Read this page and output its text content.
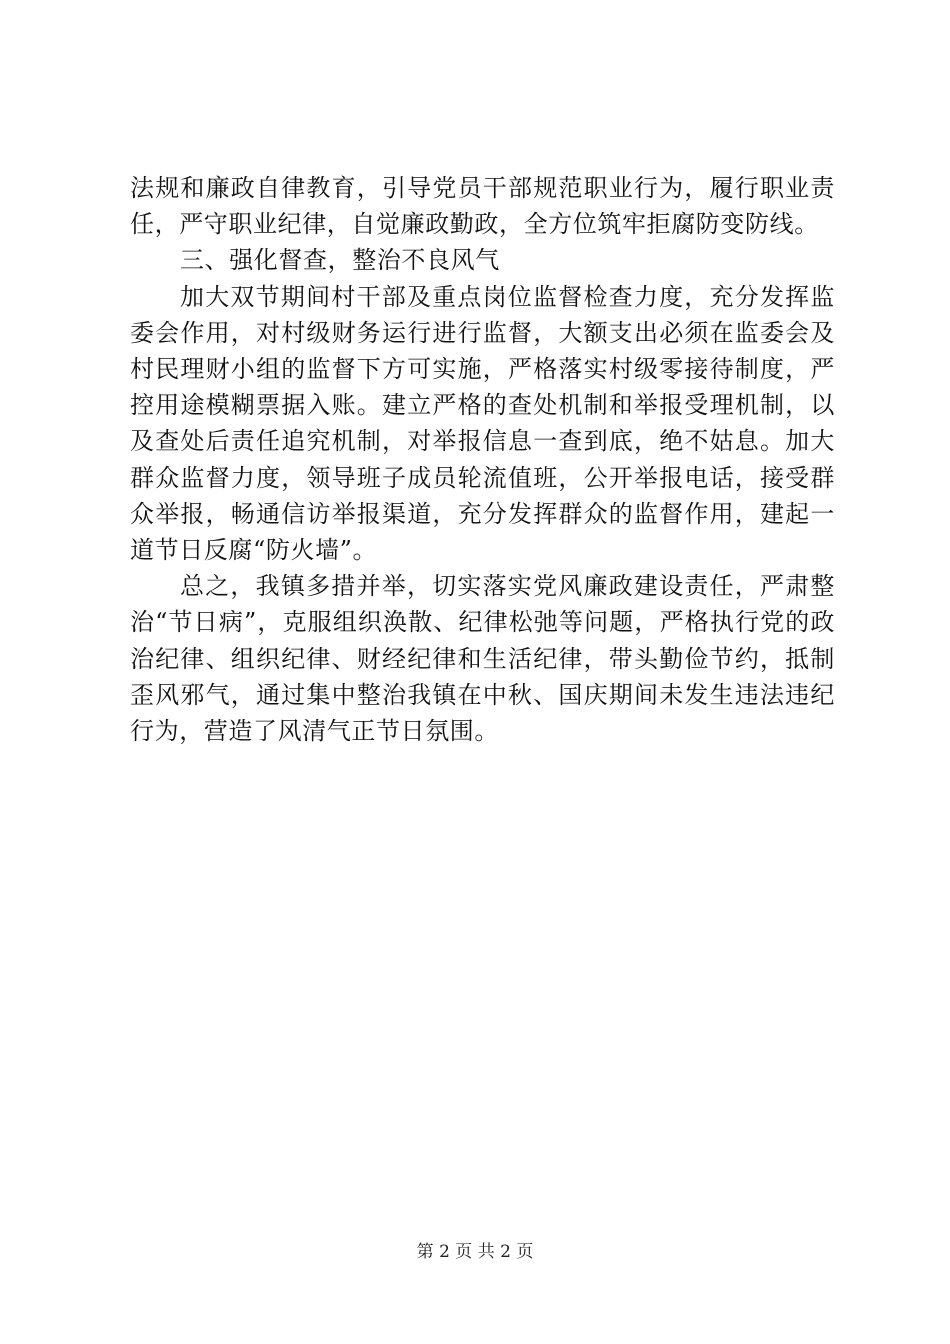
法规和廉政自律教育，引导党员干部规范职业行为，履行职业责任，严守职业纪律，自觉廉政勤政，全方位筑牢拒腐防变防线。

三、强化督查，整治不良风气

加大双节期间村干部及重点岗位监督检查力度，充分发挥监委会作用，对村级财务运行进行监督，大额支出必须在监委会及村民理财小组的监督下方可实施，严格落实村级零接待制度，严控用途模糊票据入账。建立严格的查处机制和举报受理机制，以及查处后责任追究机制，对举报信息一查到底，绝不姑息。加大群众监督力度，领导班子成员轮流值班，公开举报电话，接受群众举报，畅通信访举报渠道，充分发挥群众的监督作用，建起一道节日反腐“防火墙”。

总之，我镇多措并举，切实落实党风廉政建设责任，严肃整治“节日病”，克服组织涣散、纪律松弛等问题，严格执行党的政治纪律、组织纪律、财经纪律和生活纪律，带头勤俭节约，抵制歪风邪气，通过集中整治我镇在中秋、国庆期间未发生违法违纪行为，营造了风清气正节日氛围。

第 2 页 共 2 页
